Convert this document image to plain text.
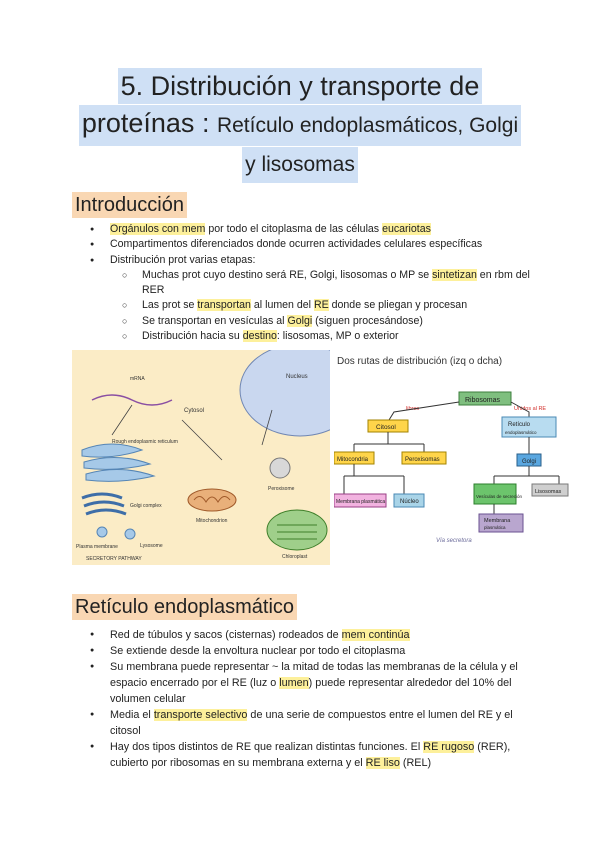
5. Distribución y transporte de
proteínas : Retículo endoplasmáticos, Golgi
y lisosomas
Introducción
● Orgánulos con mem por todo el citoplasma de las células eucariotas
● Compartimentos diferenciados donde ocurren actividades celulares específicas
● Distribución prot varias etapas:
○ Muchas prot cuyo destino será RE, Golgi, lisosomas o MP se sintetizan en rbm del RER
○ Las prot se transportan al lumen del RE donde se pliegan y procesan
○ Se transportan en vesículas al Golgi (siguen procesándose)
○ Distribución hacia su destino: lisosomas, MP o exterior
Nucleus
mRNA
Cytosol
Rough endoplasmic reticulum
Golgi complex
Lysosome
Plasma membrane
SECRETORY PATHWAY
Mitochondrion
Peroxisome
Chloroplast
Dos rutas de distribución (izq o dcha)
Ribosomas
libres	Unidos al RE
Citosol	Retículo
endoplasmático
Mitocondria	Peroxisomas
Membrana plasmática Núcleo
Golgi
Vesículas de secreción
Lisosomas
Membrana
plasmática
Vía secretora
Retículo endoplasmático
● Red de túbulos y sacos (cisternas) rodeados de mem continúa
● Se extiende desde la envoltura nuclear por todo el citoplasma
● Su membrana puede representar ~ la mitad de todas las membranas de la célula y el espacio encerrado por el RE (luz o lumen) puede representar alrededor del 10% del volumen celular
● Media el transporte selectivo de una serie de compuestos entre el lumen del RE y el citosol
● Hay dos tipos distintos de RE que realizan distintas funciones. El RE rugoso (RER), cubierto por ribosomas en su membrana externa y el RE liso (REL)
